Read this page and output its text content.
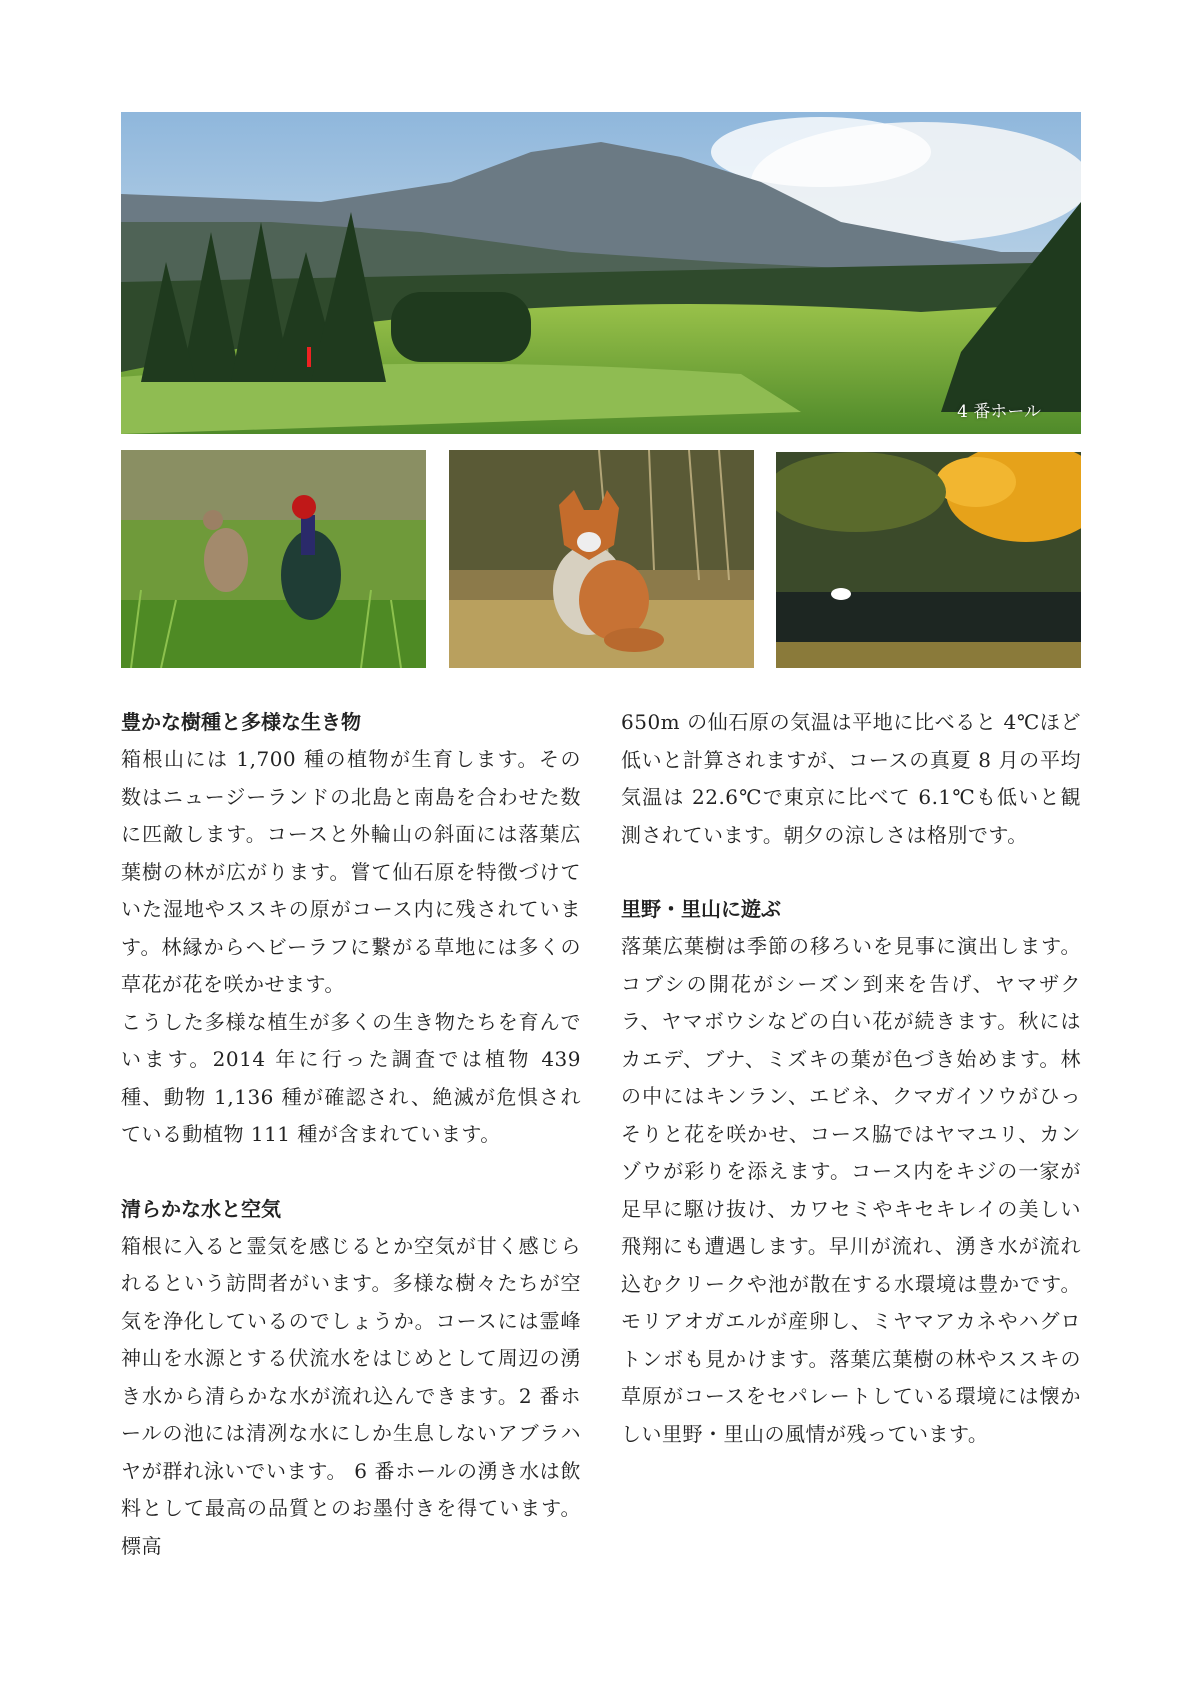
4 番ホール
豊かな樹種と多様な生き物

箱根山には 1,700 種の植物が生育します。その数はニュージーランドの北島と南島を合わせた数に匹敵します。コースと外輪山の斜面には落葉広葉樹の林が広がります。嘗て仙石原を特徴づけていた湿地やススキの原がコース内に残されています。林縁からヘビーラフに繋がる草地には多くの草花が花を咲かせます。

こうした多様な植生が多くの生き物たちを育んでいます。2014 年に行った調査では植物 439 種、動物 1,136 種が確認され、絶滅が危惧されている動植物 111 種が含まれています。

清らかな水と空気

箱根に入ると霊気を感じるとか空気が甘く感じられるという訪問者がいます。多様な樹々たちが空気を浄化しているのでしょうか。コースには霊峰神山を水源とする伏流水をはじめとして周辺の湧き水から清らかな水が流れ込んできます。2 番ホールの池には清冽な水にしか生息しないアブラハヤが群れ泳いでいます。 6 番ホールの湧き水は飲料として最高の品質とのお墨付きを得ています。標高

650m の仙石原の気温は平地に比べると 4℃ほど低いと計算されますが、コースの真夏 8 月の平均気温は 22.6℃で東京に比べて 6.1℃も低いと観測されています。朝夕の涼しさは格別です。

里野・里山に遊ぶ

落葉広葉樹は季節の移ろいを見事に演出します。コブシの開花がシーズン到来を告げ、ヤマザクラ、ヤマボウシなどの白い花が続きます。秋にはカエデ、ブナ、ミズキの葉が色づき始めます。林の中にはキンラン、エビネ、クマガイソウがひっそりと花を咲かせ、コース脇ではヤマユリ、カンゾウが彩りを添えます。コース内をキジの一家が足早に駆け抜け、カワセミやキセキレイの美しい飛翔にも遭遇します。早川が流れ、湧き水が流れ込むクリークや池が散在する水環境は豊かです。モリアオガエルが産卵し、ミヤマアカネやハグロトンボも見かけます。落葉広葉樹の林やススキの草原がコースをセパレートしている環境には懐かしい里野・里山の風情が残っています。
